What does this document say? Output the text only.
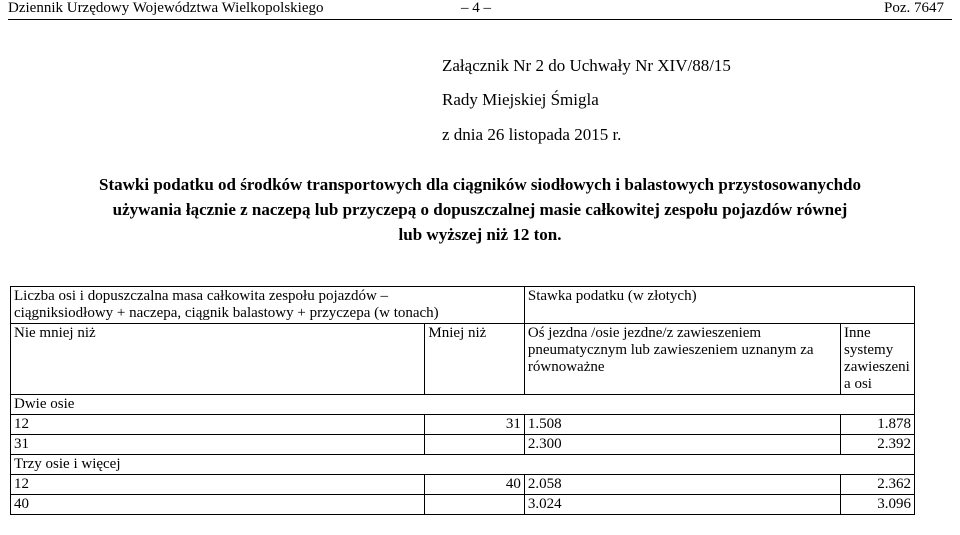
Dziennik Urzędowy Województwa Wielkopolskiego	– 4 –	Poz. 7647
Załącznik Nr 2 do Uchwały Nr XIV/88/15
Rady Miejskiej Śmigla
z dnia 26 listopada 2015 r.
Stawki podatku od środków transportowych dla ciągników siodłowych i balastowych przystosowanychdo
używania łącznie z naczepą lub przyczepą o dopuszczalnej masie całkowitej zespołu pojazdów równej
lub wyższej niż 12 ton.
Liczba osi i dopuszczalna masa całkowita zespołu pojazdów –
ciągniksiodłowy + naczepa, ciągnik balastowy + przyczepa (w tonach)		Stawka podatku (w złotych)	
Nie mniej niż	Mniej niż	Oś jezdna /osie jezdne/z zawieszeniem pneumatycznym lub zawieszeniem uznanym za równoważne	Inne systemy zawieszeni a osi
Dwie osie			
12	31	1.508	1.878
31		2.300	2.392
Trzy osie i więcej			
12	40	2.058	2.362
40		3.024	3.096
